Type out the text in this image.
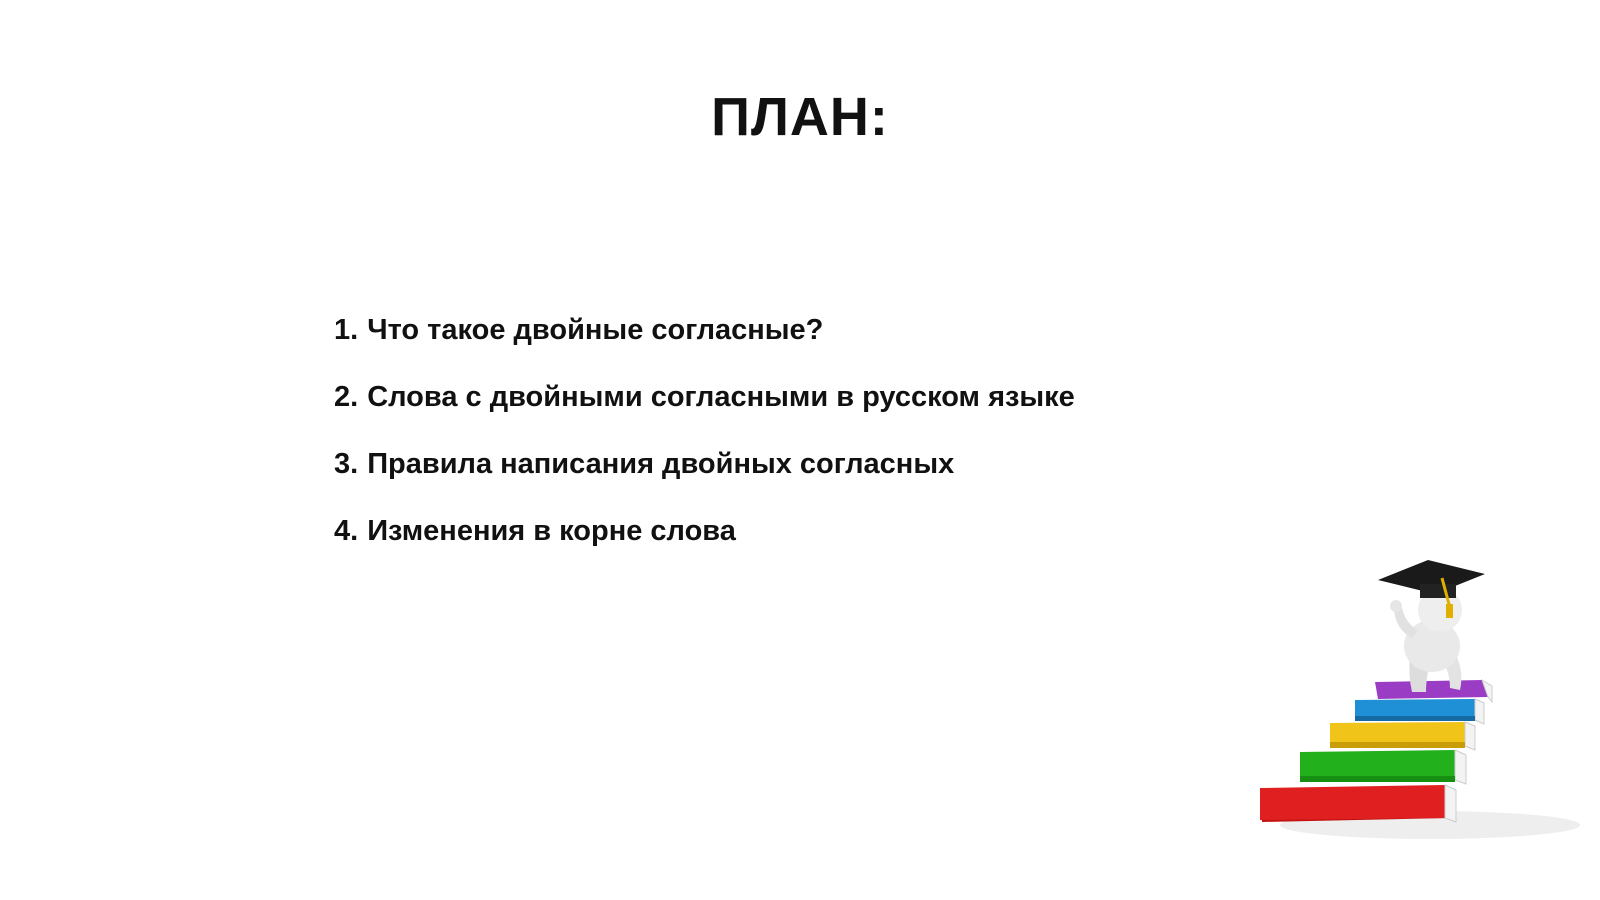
ПЛАН:
1. Что такое двойные согласные?
2. Слова с двойными согласными в русском языке
3. Правила написания двойных согласных
4. Изменения в корне слова
